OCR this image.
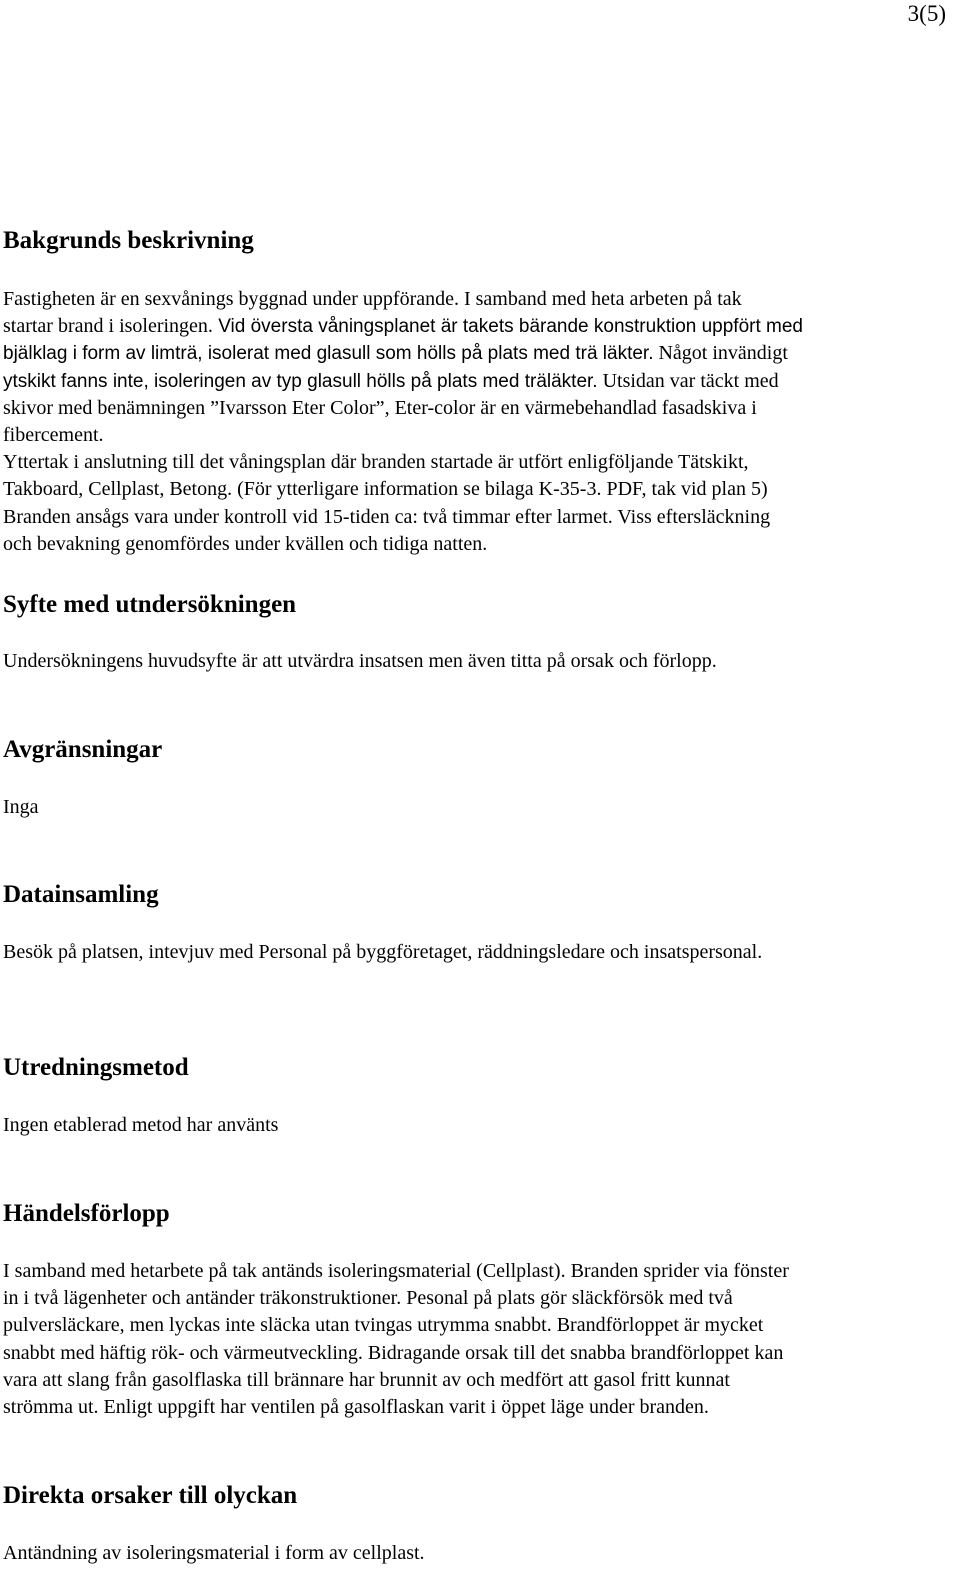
3(5)
Bakgrunds beskrivning

Fastigheten är en sexvånings byggnad under uppförande. I samband med heta arbeten på tak

startar brand i isoleringen. Vid översta våningsplanet är takets bärande konstruktion uppfört med

bjälklag i form av limträ, isolerat med glasull som hölls på plats med trä läkter. Något invändigt

ytskikt fanns inte, isoleringen av typ glasull hölls på plats med träläkter. Utsidan var täckt med

skivor med benämningen ”Ivarsson Eter Color”, Eter-color är en värmebehandlad fasadskiva i

fibercement.

Yttertak i anslutning till det våningsplan där branden startade är utfört enligföljande Tätskikt,

Takboard, Cellplast, Betong. (För ytterligare information se bilaga K-35-3. PDF, tak vid plan 5)

Branden ansågs vara under kontroll vid 15-tiden ca: två timmar efter larmet. Viss eftersläckning

och bevakning genomfördes under kvällen och tidiga natten.

Syfte med utndersökningen

Undersökningens huvudsyfte är att utvärdra insatsen men även titta på orsak och förlopp.

Avgränsningar

Inga

Datainsamling

Besök på platsen, intevjuv med Personal på byggföretaget, räddningsledare och insatspersonal.

Utredningsmetod

Ingen etablerad metod har använts

Händelsförlopp

I samband med hetarbete på tak antänds isoleringsmaterial (Cellplast). Branden sprider via fönster

in i två lägenheter och antänder träkonstruktioner. Pesonal på plats gör släckförsök med två

pulversläckare, men lyckas inte släcka utan tvingas utrymma snabbt. Brandförloppet är mycket

snabbt med häftig rök- och värmeutveckling. Bidragande orsak till det snabba brandförloppet kan

vara att slang från gasolflaska till brännare har brunnit av och medfört att gasol fritt kunnat

strömma ut. Enligt uppgift har ventilen på gasolflaskan varit i öppet läge under branden.

Direkta orsaker till olyckan

Antändning av isoleringsmaterial i form av cellplast.
